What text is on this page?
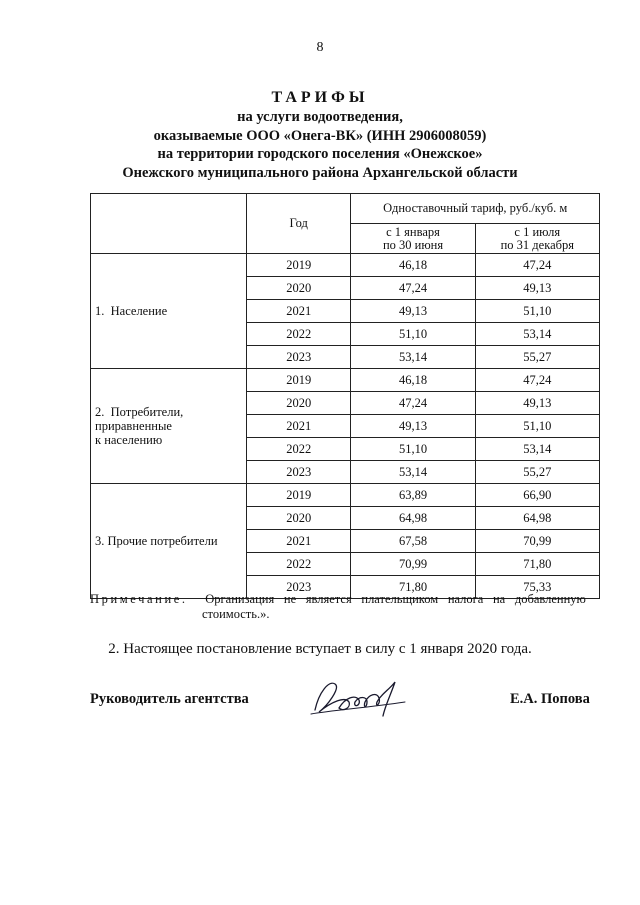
8
ТАРИФЫ
на услуги водоотведения,
оказываемые ООО «Онега-ВК» (ИНН 2906008059)
на территории городского поселения «Онежское»
Онежского муниципального района Архангельской области
	Год	Одноставочный тариф, руб./куб. м	
		с 1 января
по 30 июня	с 1 июля
по 31 декабря
1.  Население	2019	46,18	47,24
	2020	47,24	49,13
	2021	49,13	51,10
	2022	51,10	53,14
	2023	53,14	55,27
2.  Потребители,
приравненные
к населению	2019	46,18	47,24
	2020	47,24	49,13
	2021	49,13	51,10
	2022	51,10	53,14
	2023	53,14	55,27
3. Прочие потребители	2019	63,89	66,90
	2020	64,98	64,98
	2021	67,58	70,99
	2022	70,99	71,80
	2023	71,80	75,33
Примечание. Организация не является плательщиком налога на добавленную
стоимость.».
2. Настоящее постановление вступает в силу с 1 января 2020 года.
Руководитель агентства	Е.А. Попова
